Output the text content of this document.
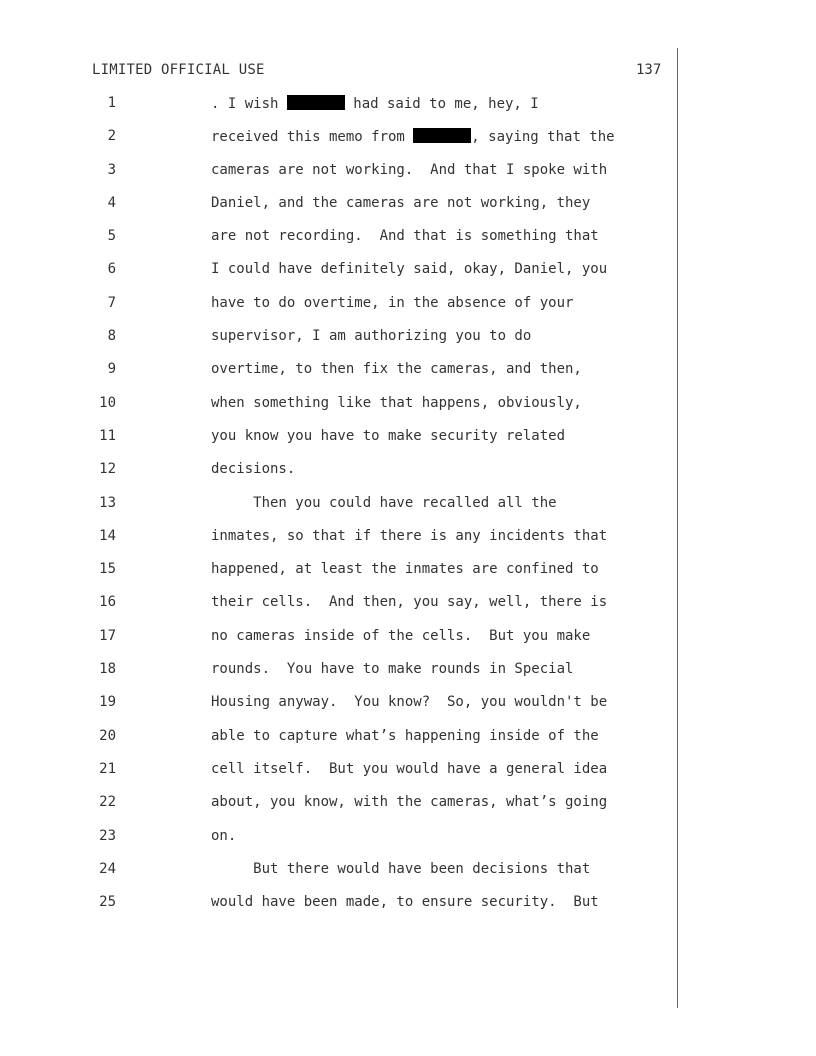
LIMITED OFFICIAL USE	137
1	. I wish	had said to me, hey, I
2	received this memo from	, saying that the
3	cameras are not working.  And that I spoke with
4	Daniel, and the cameras are not working, they
5	are not recording.  And that is something that
6	I could have definitely said, okay, Daniel, you
7	have to do overtime, in the absence of your
8	supervisor, I am authorizing you to do
9	overtime, to then fix the cameras, and then,
10	when something like that happens, obviously,
11	you know you have to make security related
12	decisions.
13	Then you could have recalled all the
14	inmates, so that if there is any incidents that
15	happened, at least the inmates are confined to
16	their cells.  And then, you say, well, there is
17	no cameras inside of the cells.  But you make
18	rounds.  You have to make rounds in Special
19	Housing anyway.  You know?  So, you wouldn't be
20	able to capture what’s happening inside of the
21	cell itself.  But you would have a general idea
22	about, you know, with the cameras, what’s going
23	on.
24	But there would have been decisions that
25	would have been made, to ensure security.  But
